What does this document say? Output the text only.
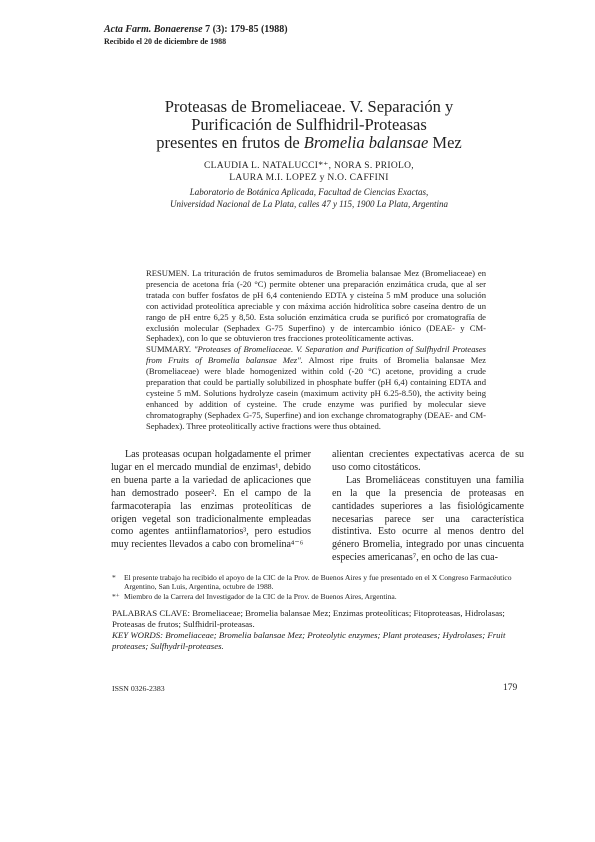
Acta Farm. Bonaerense 7 (3): 179-85 (1988)
Recibido el 20 de diciembre de 1988
Proteasas de Bromeliaceae. V. Separación y
Purificación de Sulfhidril-Proteasas
presentes en frutos de Bromelia balansae Mez
CLAUDIA L. NATALUCCI*⁺, NORA S. PRIOLO,
LAURA M.I. LOPEZ y N.O. CAFFINI
Laboratorio de Botánica Aplicada, Facultad de Ciencias Exactas,
Universidad Nacional de La Plata, calles 47 y 115, 1900 La Plata, Argentina

RESUMEN. La trituración de frutos semimaduros de Bromelia balansae Mez (Bromeliaceae) en presencia de acetona fría (-20 °C) permite obtener una preparación enzimática cruda, que al ser tratada con buffer fosfatos de pH 6,4 conteniendo EDTA y cisteína 5 mM produce una solución con actividad proteolítica apreciable y con máxima acción hidrolítica sobre caseína dentro de un rango de pH entre 6,25 y 8,50. Esta solución enzimática cruda se purificó por cromatografía de exclusión molecular (Sephadex G-75 Superfino) y de intercambio iónico (DEAE- y CM-Sephadex), con lo que se obtuvieron tres fracciones proteolíticamente activas.

SUMMARY. "Proteases of Bromeliaceae. V. Separation and Purification of Sulfhydril Proteases from Fruits of Bromelia balansae Mez". Almost ripe fruits of Bromelia balansae Mez (Bromeliaceae) were blade homogenized within cold (-20 °C) acetone, providing a crude preparation that could be partially solubilized in phosphate buffer (pH 6,4) containing EDTA and cysteine 5 mM. Solutions hydrolyze casein (maximum activity pH 6.25-8.50), the activity being enhanced by addition of cysteine. The crude enzyme was purified by molecular sieve chromatography (Sephadex G-75, Superfine) and ion exchange chromatography (DEAE- and CM-Sephadex). Three proteolitically active fractions were thus obtained.

Las proteasas ocupan holgadamente el primer lugar en el mercado mundial de enzimas¹, debido en buena parte a la variedad de aplicaciones que han demostrado poseer². En el campo de la farmacoterapia las enzimas proteolíticas de origen vegetal son tradicionalmente empleadas como agentes antiinflamatorios³, pero estudios muy recientes llevados a cabo con bromelina⁴⁻⁶

alientan crecientes expectativas acerca de su uso como citostáticos.

Las Bromeliáceas constituyen una familia en la que la presencia de proteasas en cantidades superiores a las fisiológicamente necesarias parece ser una característica distintiva. Esto ocurre al menos dentro del género Bromelia, integrado por unas cincuenta especies americanas⁷, en ocho de las cua-

*	El presente trabajo ha recibido el apoyo de la CIC de la Prov. de Buenos Aires y fue presentado en el X Congreso Farmacéutico Argentino, San Luis, Argentina, octubre de 1988.
*⁺ Miembro de la Carrera del Investigador de la CIC de la Prov. de Buenos Aires, Argentina.

PALABRAS CLAVE: Bromeliaceae; Bromelia balansae Mez; Enzimas proteolíticas; Fitoproteasas, Hidrolasas; Proteasas de frutos; Sulfhidril-proteasas.

KEY WORDS: Bromeliaceae; Bromelia balansae Mez; Proteolytic enzymes; Plant proteases; Hydrolases; Fruit proteases; Sulfhydril-proteases.

ISSN 0326-2383	179
